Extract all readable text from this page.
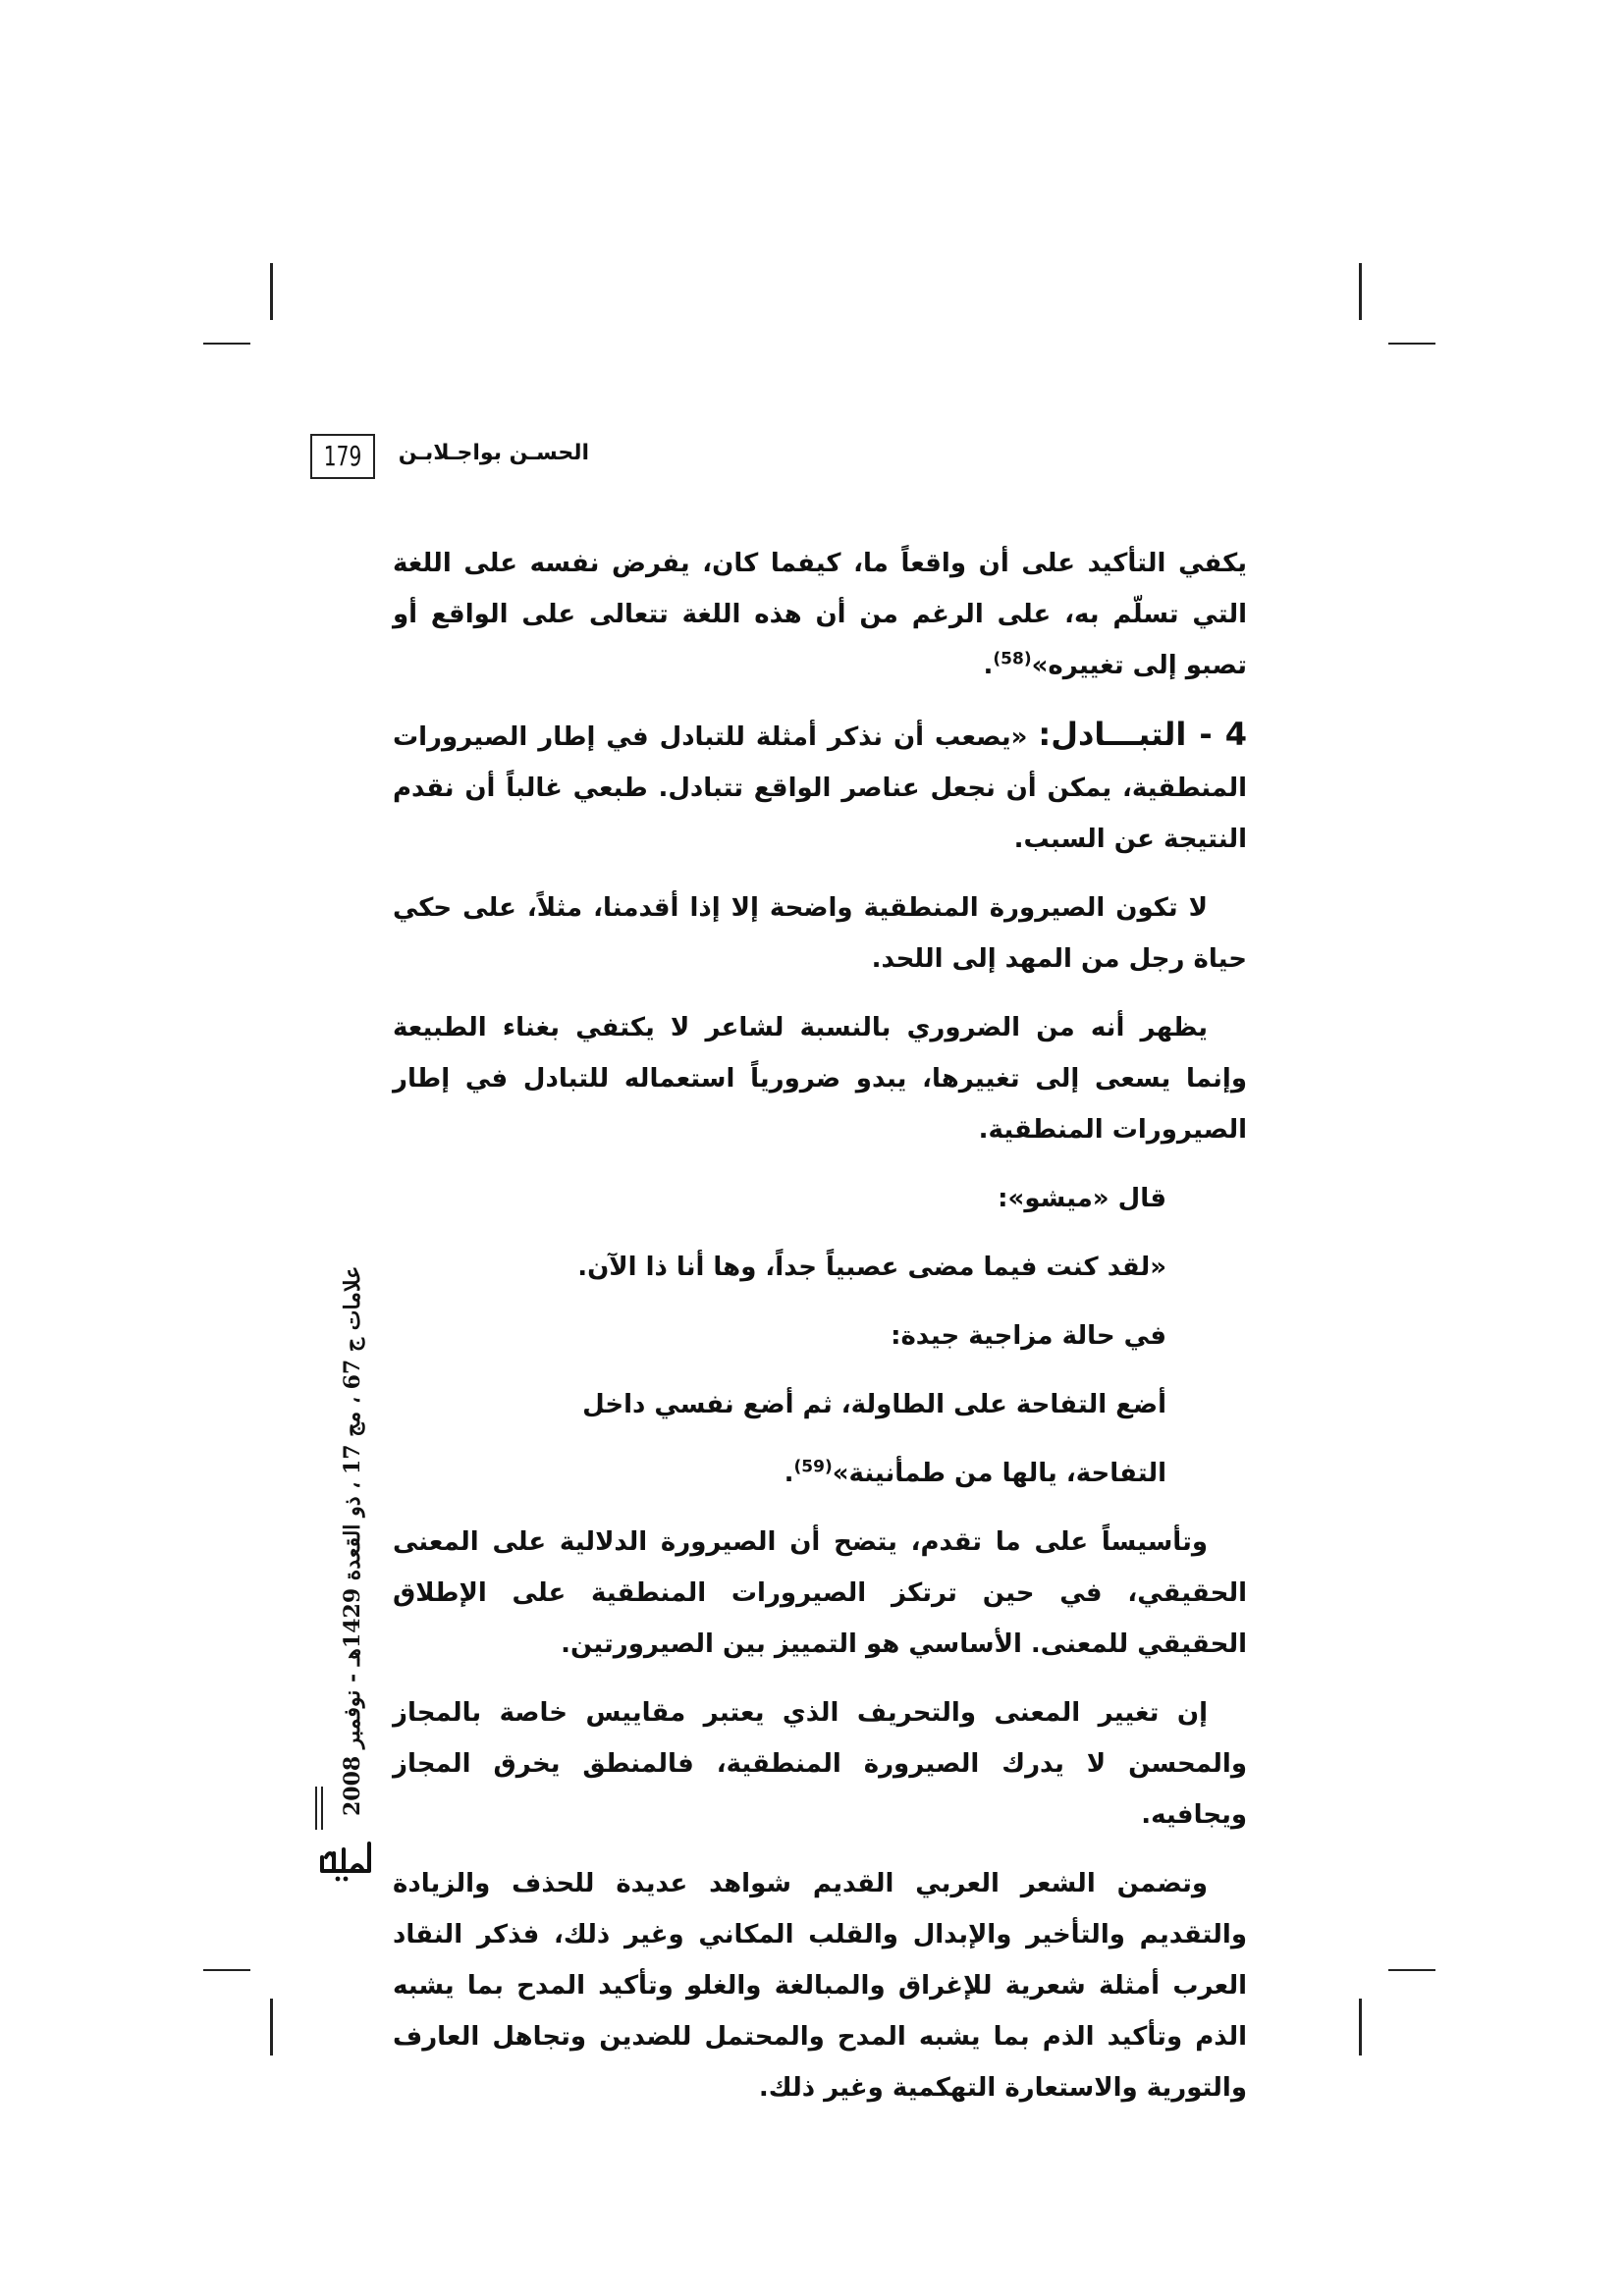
179	الحسـن بواجـلابـن

يكفي التأكيد على أن واقعاً ما، كيفما كان، يفرض نفسه على اللغة التي تسلّم به، على الرغم من أن هذه اللغة تتعالى على الواقع أو تصبو إلى تغييره»$^{(58)}$.

4 - التبـــادل: «يصعب أن نذكر أمثلة للتبادل في إطار الصيرورات المنطقية، يمكن أن نجعل عناصر الواقع تتبادل. طبعي غالباً أن نقدم النتيجة عن السبب.

لا تكون الصيرورة المنطقية واضحة إلا إذا أقدمنا، مثلاً، على حكي حياة رجل من المهد إلى اللحد.

يظهر أنه من الضروري بالنسبة لشاعر لا يكتفي بغناء الطبيعة وإنما يسعى إلى تغييرها، يبدو ضرورياً استعماله للتبادل في إطار الصيرورات المنطقية.

قال «ميشو»:

«لقد كنت فيما مضى عصبياً جداً، وها أنا ذا الآن.

في حالة مزاجية جيدة:

أضع التفاحة على الطاولة، ثم أضع نفسي داخل

التفاحة، يالها من طمأنينة»$^{(59)}$.

وتأسيساً على ما تقدم، يتضح أن الصيرورة الدلالية على المعنى الحقيقي، في حين ترتكز الصيرورات المنطقية على الإطلاق الحقيقي للمعنى. الأساسي هو التمييز بين الصيرورتين.

إن تغيير المعنى والتحريف الذي يعتبر مقاييس خاصة بالمجاز والمحسن لا يدرك الصيرورة المنطقية، فالمنطق يخرق المجاز ويجافيه.

وتضمن الشعر العربي القديم شواهد عديدة للحذف والزيادة والتقديم والتأخير والإبدال والقلب المكاني وغير ذلك، فذكر النقاد العرب أمثلة شعرية للإغراق والمبالغة والغلو وتأكيد المدح بما يشبه الذم وتأكيد الذم بما يشبه المدح والمحتمل للضدين وتجاهل العارف والتورية والاستعارة التهكمية وغير ذلك.

علامات ج 67 ، مج 17 ، ذو القعدة 1429هـ - نوفمبر 2008
